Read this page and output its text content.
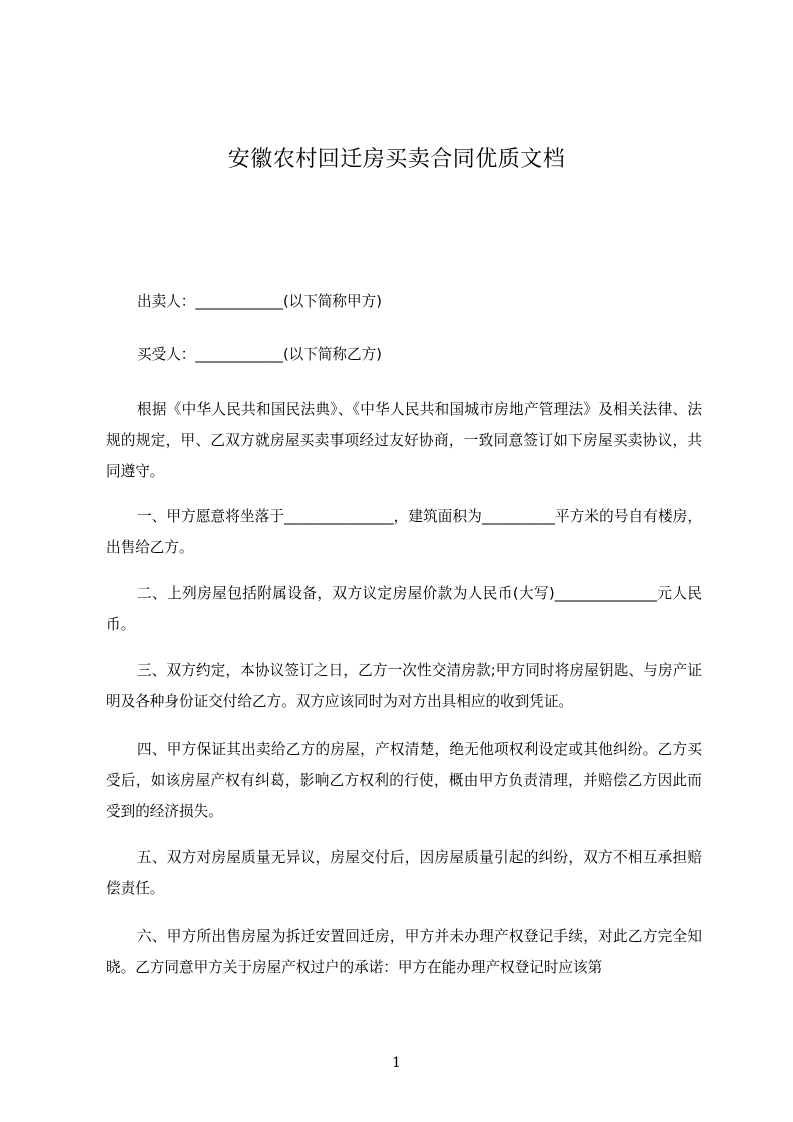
安徽农村回迁房买卖合同优质文档
出卖人：____________(以下简称甲方)
买受人：____________(以下简称乙方)
根据《中华人民共和国民法典》、《中华人民共和国城市房地产管理法》及相关法律、法规的规定，甲、乙双方就房屋买卖事项经过友好协商，一致同意签订如下房屋买卖协议，共同遵守。
一、甲方愿意将坐落于_______________，建筑面积为__________平方米的号自有楼房，出售给乙方。
二、上列房屋包括附属设备，双方议定房屋价款为人民币(大写)______________元人民币。
三、双方约定，本协议签订之日，乙方一次性交清房款;甲方同时将房屋钥匙、与房产证明及各种身份证交付给乙方。双方应该同时为对方出具相应的收到凭证。
四、甲方保证其出卖给乙方的房屋，产权清楚，绝无他项权利设定或其他纠纷。乙方买受后，如该房屋产权有纠葛，影响乙方权利的行使，概由甲方负责清理，并赔偿乙方因此而受到的经济损失。
五、双方对房屋质量无异议，房屋交付后，因房屋质量引起的纠纷，双方不相互承担赔偿责任。
六、甲方所出售房屋为拆迁安置回迁房，甲方并未办理产权登记手续，对此乙方完全知晓。乙方同意甲方关于房屋产权过户的承诺：甲方在能办理产权登记时应该第
1
